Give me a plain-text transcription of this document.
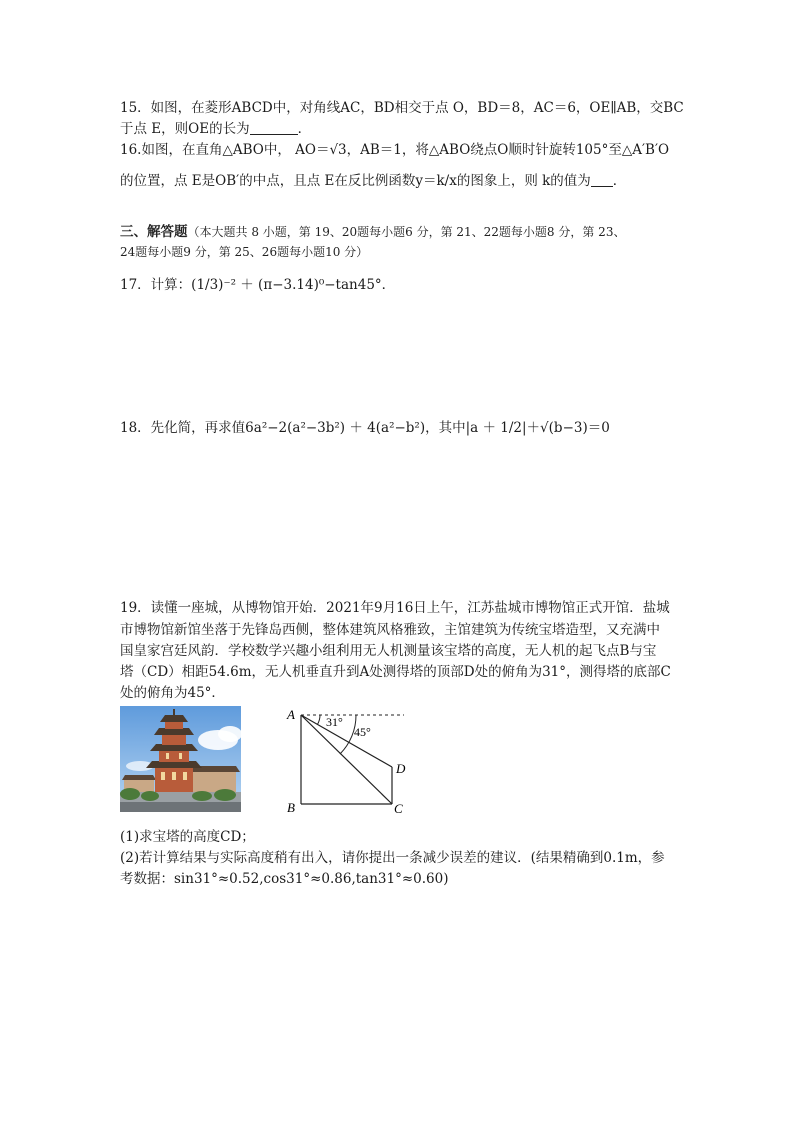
15．如图，在菱形ABCD中，对角线AC，BD相交于点 O，BD＝8，AC＝6，OE∥AB，交BC
于点 E，则OE的长为	．
16.如图，在直角△ABO中， AO＝√3，AB＝1，将△ABO绕点O顺时针旋转105°至△A′B′O
的位置，点 E是OB′的中点，且点 E在反比例函数y＝k/x的图象上，则 k的值为 ．
三、解答题（本大题共 8 小题，第 19、20题每小题6 分，第 21、22题每小题8 分，第 23、
24题每小题9 分，第 25、26题每小题10 分）
17．计算：(1/3)⁻² ＋ (π−3.14)⁰−tan45°．
18．先化简，再求值6a²−2(a²−3b²) ＋ 4(a²−b²)，其中|a ＋ 1/2|＋√(b−3)＝0
19．读懂一座城，从博物馆开始．2021年9月16日上午，江苏盐城市博物馆正式开馆．盐城
市博物馆新馆坐落于先锋岛西侧，整体建筑风格雅致，主馆建筑为传统宝塔造型，又充满中
国皇家宫廷风韵．学校数学兴趣小组利用无人机测量该宝塔的高度，无人机的起飞点B与宝
塔（CD）相距54.6m，无人机垂直升到A处测得塔的顶部D处的俯角为31°，测得塔的底部C
处的俯角为45°．
A
B	C
D
31°
45°
(1)求宝塔的高度CD；
(2)若计算结果与实际高度稍有出入，请你提出一条减少误差的建议．(结果精确到0.1m，参
考数据：sin31°≈0.52,cos31°≈0.86,tan31°≈0.60)
